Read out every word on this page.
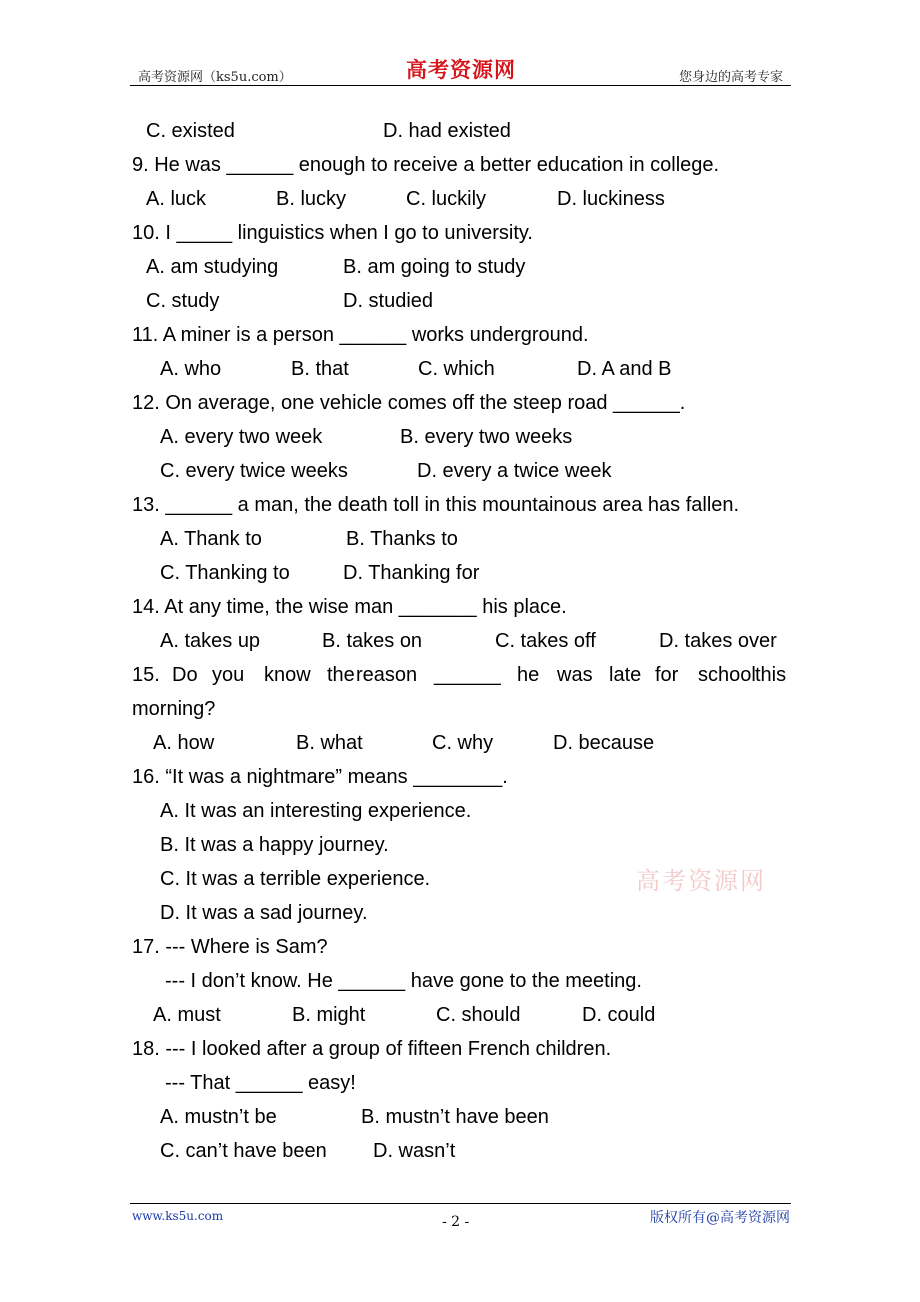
高考资源网（ks5u.com）	高考资源网	您身边的高考专家
C. existed	D. had existed
9. He was ______ enough to receive a better education in college.
A. luck	B. lucky	C. luckily	D. luckiness
10. I _____ linguistics when I go to university.
A. am studying	B. am going to study
C. study	D. studied
11. A miner is a person ______ works underground.
A. who	B. that	C. which	D. A and B
12. On average, one vehicle comes off the steep road ______.
A. every two week	B. every two weeks
C. every twice weeks	D. every a twice week
13. ______ a man, the death toll in this mountainous area has fallen.
A. Thank to	B. Thanks to
C. Thanking to	D. Thanking for
14. At any time, the wise man _______ his place.
A. takes up	B. takes on	C. takes off	D. takes over
15. Do you know the reason ______ he was late for school this
morning?
A. how	B. what	C. why	D. because
16. “It was a nightmare” means ________.
A. It was an interesting experience.
B. It was a happy journey.
C. It was a terrible experience.
D. It was a sad journey.
高考资源网
17. --- Where is Sam?
--- I don’t know. He ______ have gone to the meeting.
A. must	B. might	C. should	D. could
18. --- I looked after a group of fifteen French children.
--- That ______ easy!
A. mustn’t be	B. mustn’t have been
C. can’t have been D. wasn’t
www.ks5u.com	- 2 -	版权所有@高考资源网
